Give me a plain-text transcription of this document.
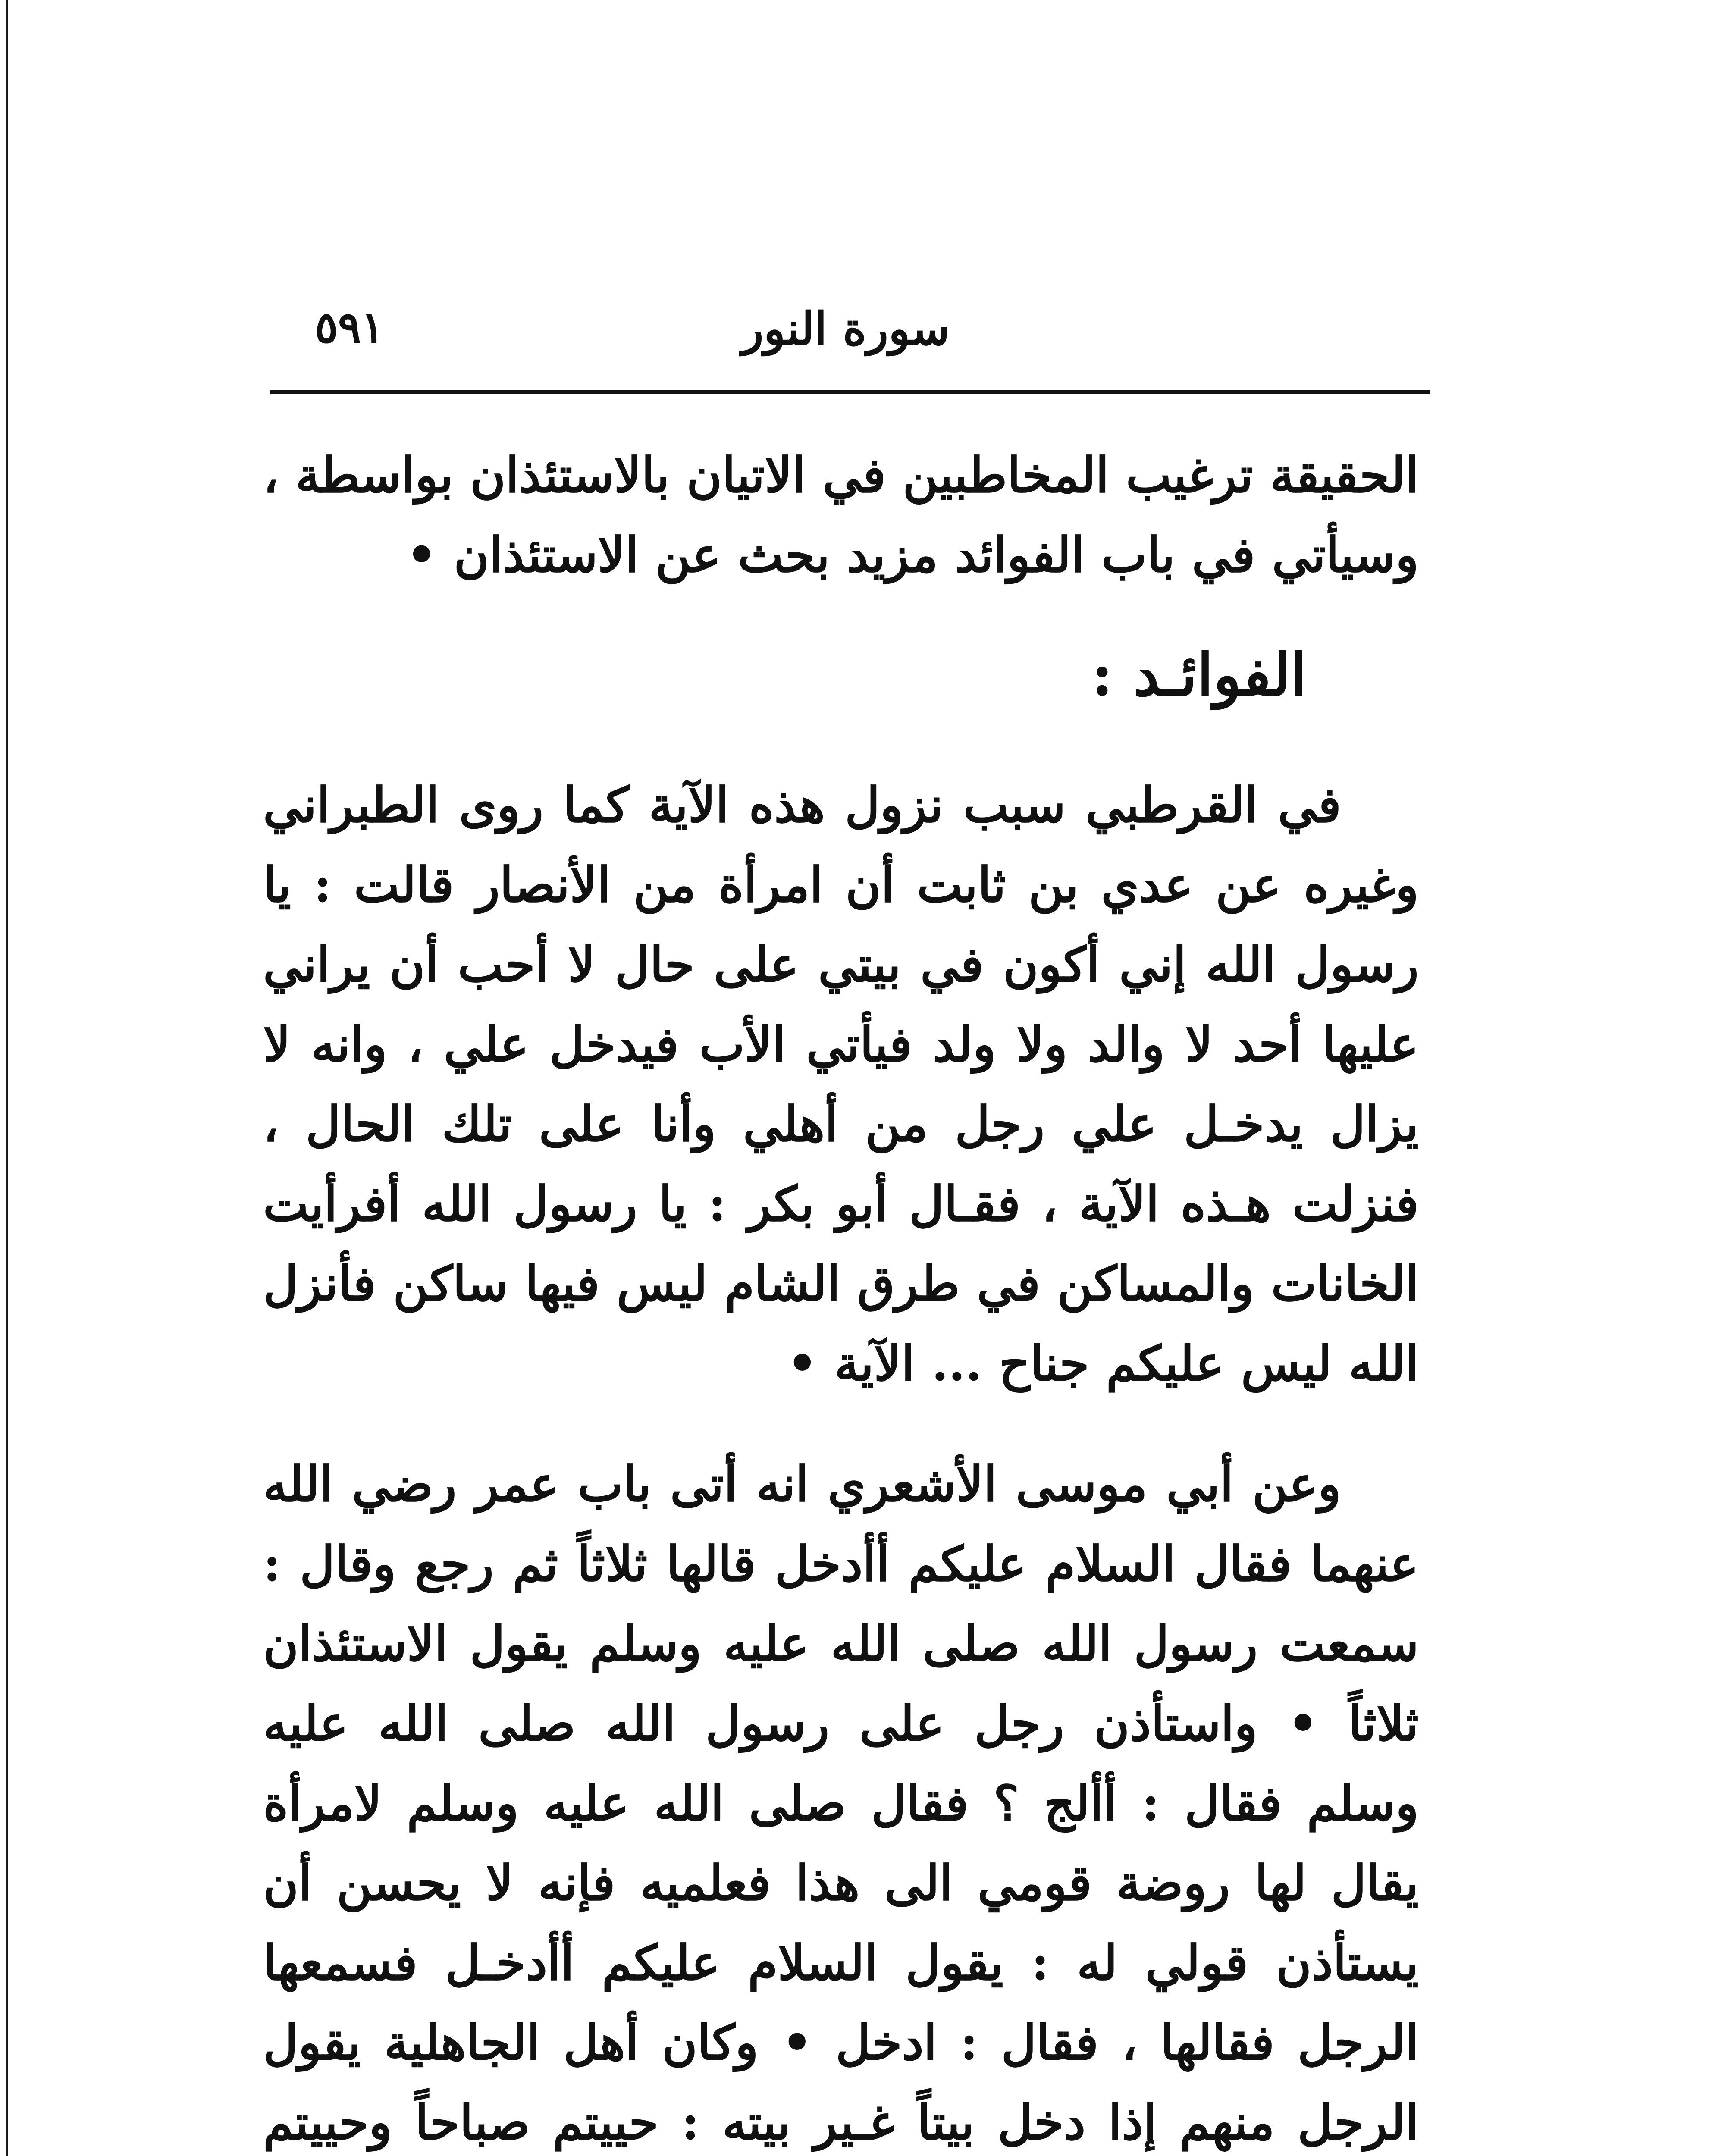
٥٩١	سورة النور

الحقيقة ترغيب المخاطبين في الاتيان بالاستئذان بواسطة ، وسيأتي في باب الفوائد مزيد بحث عن الاستئذان •

الفوائـد :

في القرطبي سبب نزول هذه الآية كما روى الطبراني وغيره عن عدي بن ثابت أن امرأة من الأنصار قالت : يا رسول الله إني أكون في بيتي على حال لا أحب أن يراني عليها أحد لا والد ولا ولد فيأتي الأب فيدخل علي ، وانه لا يزال يدخـل علي رجل من أهلي وأنا على تلك الحال ، فنزلت هـذه الآية ، فقـال أبو بكر : يا رسول الله أفرأيت الخانات والمساكن في طرق الشام ليس فيها ساكن فأنزل الله ليس عليكم جناح ... الآية •

وعن أبي موسى الأشعري انه أتى باب عمر رضي الله عنهما فقال السلام عليكم أأدخل قالها ثلاثاً ثم رجع وقال : سمعت رسول الله صلى الله عليه وسلم يقول الاستئذان ثلاثاً • واستأذن رجل على رسول الله صلى الله عليه وسلم فقال : أألج ؟ فقال صلى الله عليه وسلم لامرأة يقال لها روضة قومي الى هذا فعلميه فإنه لا يحسن أن يستأذن قولي له : يقول السلام عليكم أأدخـل فسمعها الرجل فقالها ، فقال : ادخل • وكان أهل الجاهلية يقول الرجل منهم إذا دخل بيتاً غـير بيته : حييتم صباحاً وحييتم
